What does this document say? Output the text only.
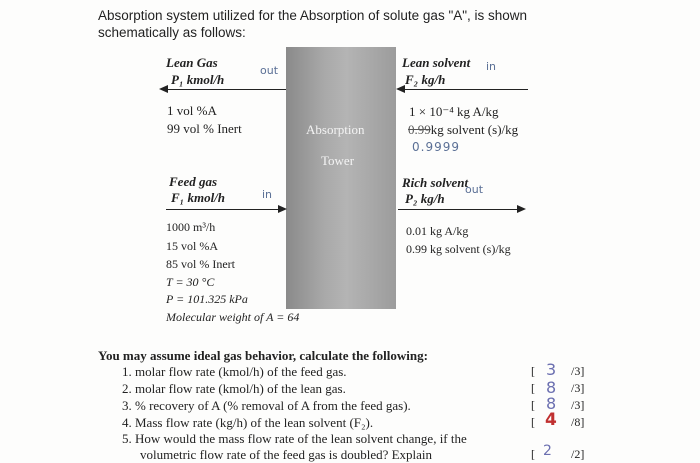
Absorption system utilized for the Absorption of solute gas "A", is shown
schematically as follows:
Absorption
Tower
Lean Gas
P₁ kmol/h
out
1 vol %A
99 vol % Inert
Lean solvent
F₂ kg/h
in
1 × 10⁻⁴ kg A/kg
0.99kg solvent (s)/kg
0.9999
Feed gas
F₁ kmol/h	in
1000 m³/h
15 vol %A
85 vol % Inert
T = 30 °C
P = 101.325 kPa
Molecular weight of A = 64
Rich solvent
P₂ kg/h
out
0.01 kg A/kg
0.99 kg solvent (s)/kg
You may assume ideal gas behavior, calculate the following:
1. molar flow rate (kmol/h) of the feed gas.
2. molar flow rate (kmol/h) of the lean gas.
3. % recovery of A (% removal of A from the feed gas).
4. Mass flow rate (kg/h) of the lean solvent (F₂).
5. How would the mass flow rate of the lean solvent change, if the
volumetric flow rate of the feed gas is doubled? Explain
[
[
[
[
[
3
8
8
4
2
/3]
/3]
/3]
/8]
/2]
